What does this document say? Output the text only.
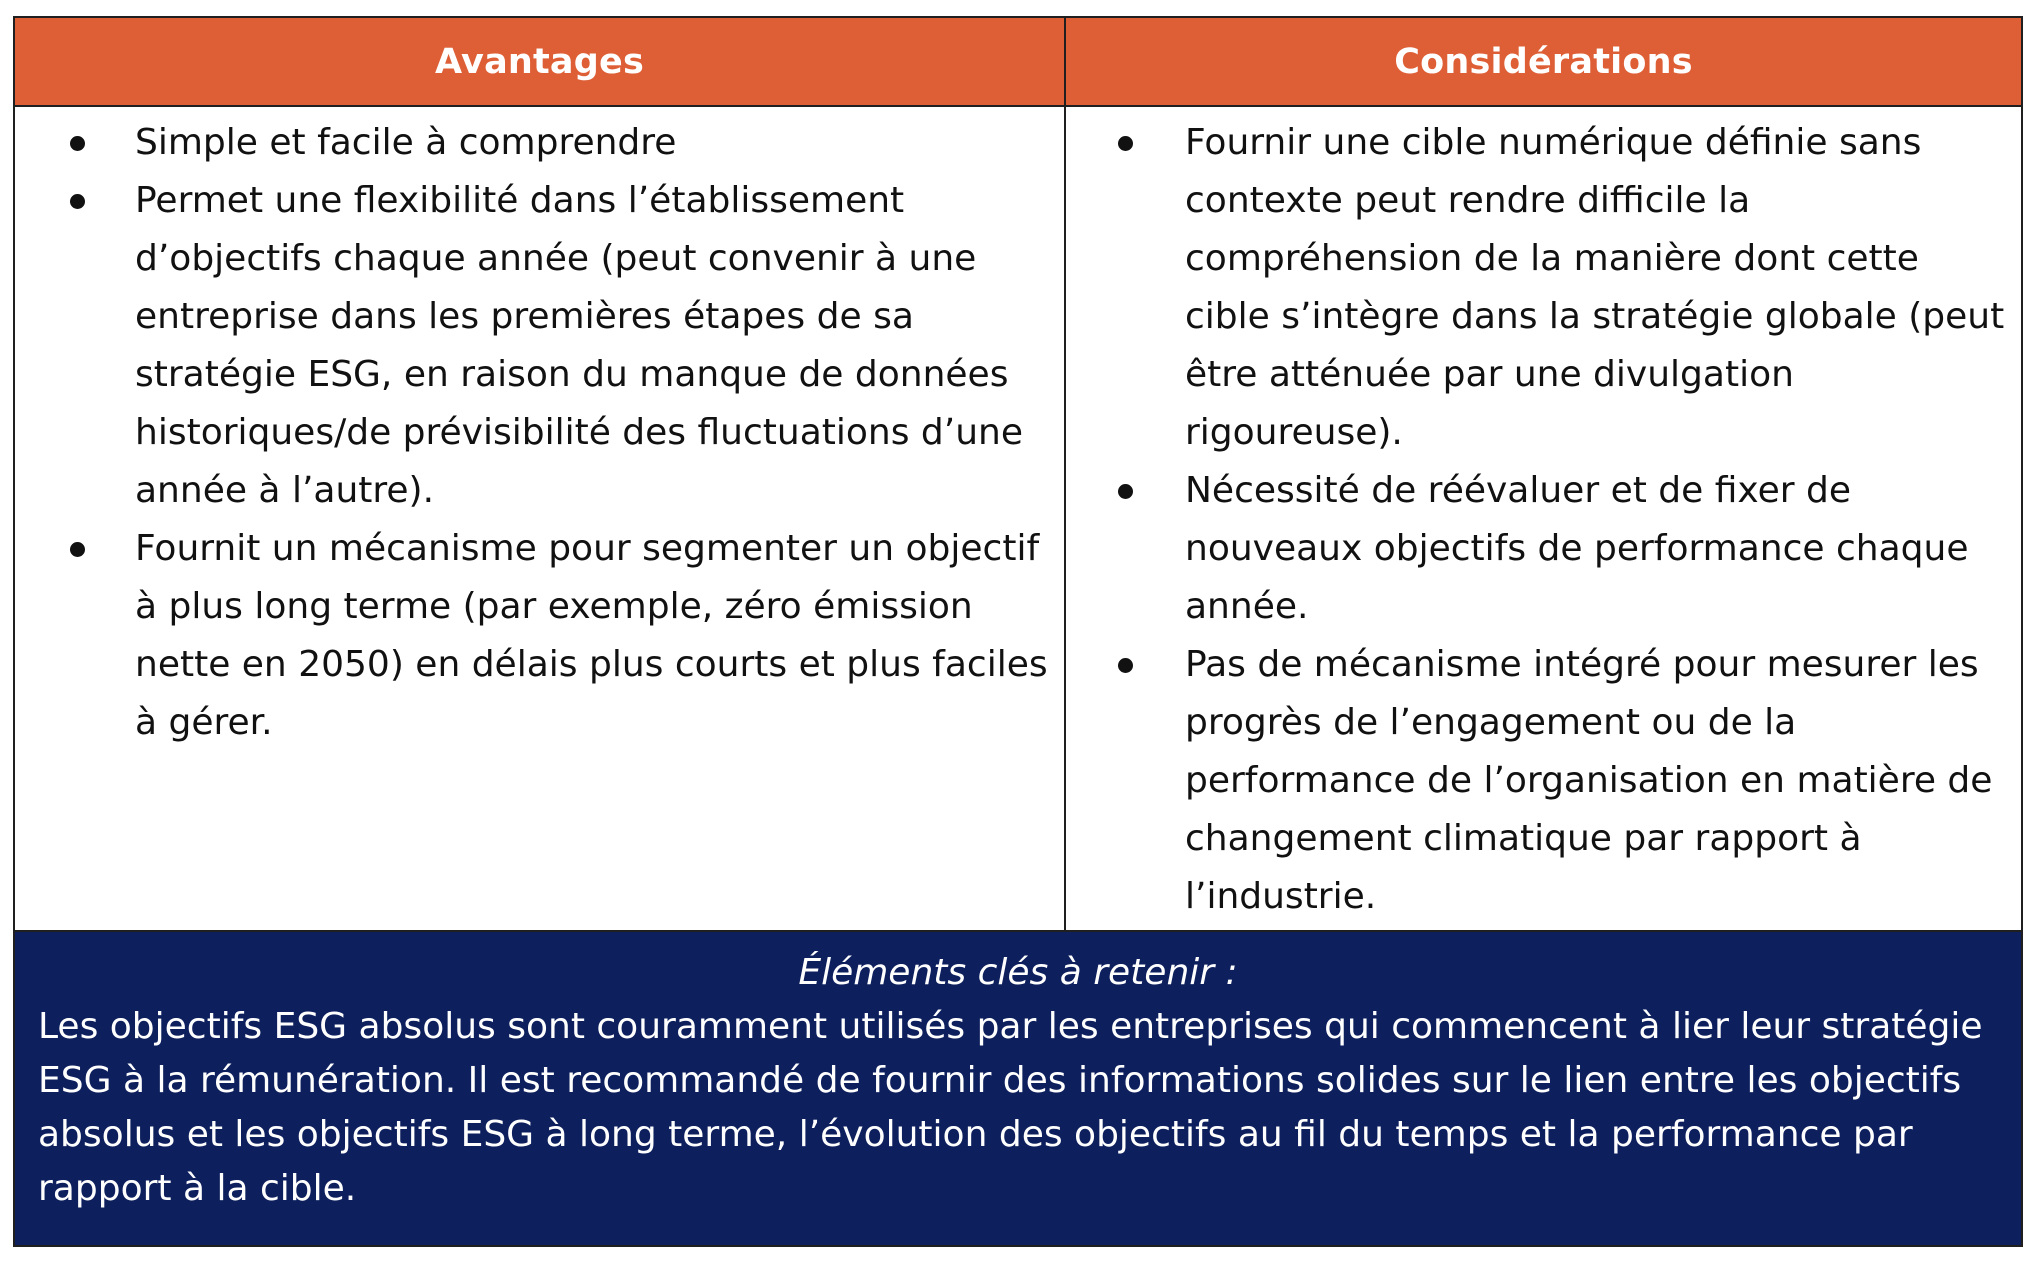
Avantages	Considérations
Simple et facile à comprendre
Permet une flexibilité dans l’établissement d’objectifs chaque année (peut convenir à une entreprise dans les premières étapes de sa stratégie ESG, en raison du manque de données historiques/de prévisibilité des fluctuations d’une année à l’autre).
Fournit un mécanisme pour segmenter un objectif à plus long terme (par exemple, zéro émission nette en 2050) en délais plus courts et plus faciles à gérer.
Fournir une cible numérique définie sans contexte peut rendre difficile la compréhension de la manière dont cette cible s’intègre dans la stratégie globale (peut être atténuée par une divulgation rigoureuse).
Nécessité de réévaluer et de fixer de nouveaux objectifs de performance chaque année.
Pas de mécanisme intégré pour mesurer les progrès de l’engagement ou de la performance de l’organisation en matière de changement climatique par rapport à l’industrie.
Éléments clés à retenir :
Les objectifs ESG absolus sont couramment utilisés par les entreprises qui commencent à lier leur stratégie ESG à la rémunération. Il est recommandé de fournir des informations solides sur le lien entre les objectifs absolus et les objectifs ESG à long terme, l’évolution des objectifs au fil du temps et la performance par rapport à la cible.
